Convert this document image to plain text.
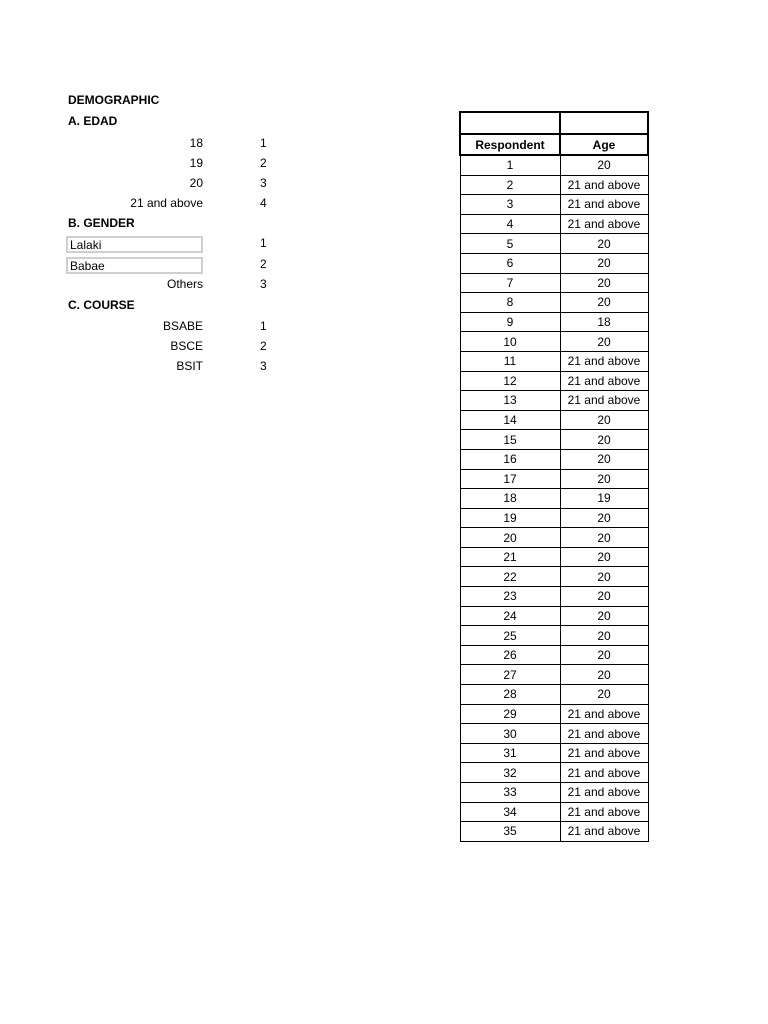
DEMOGRAPHIC
A. EDAD
18	1
19	2
20	3
21 and above	4
B. GENDER
Lalaki	1
Babae	2
Others	3
C. COURSE
BSABE	1
BSCE	2
BSIT	3

Respondent	Age
1	20
2	21 and above
3	21 and above
4	21 and above
5	20
6	20
7	20
8	20
9	18
10	20
11	21 and above
12	21 and above
13	21 and above
14	20
15	20
16	20
17	20
18	19
19	20
20	20
21	20
22	20
23	20
24	20
25	20
26	20
27	20
28	20
29	21 and above
30	21 and above
31	21 and above
32	21 and above
33	21 and above
34	21 and above
35	21 and above
